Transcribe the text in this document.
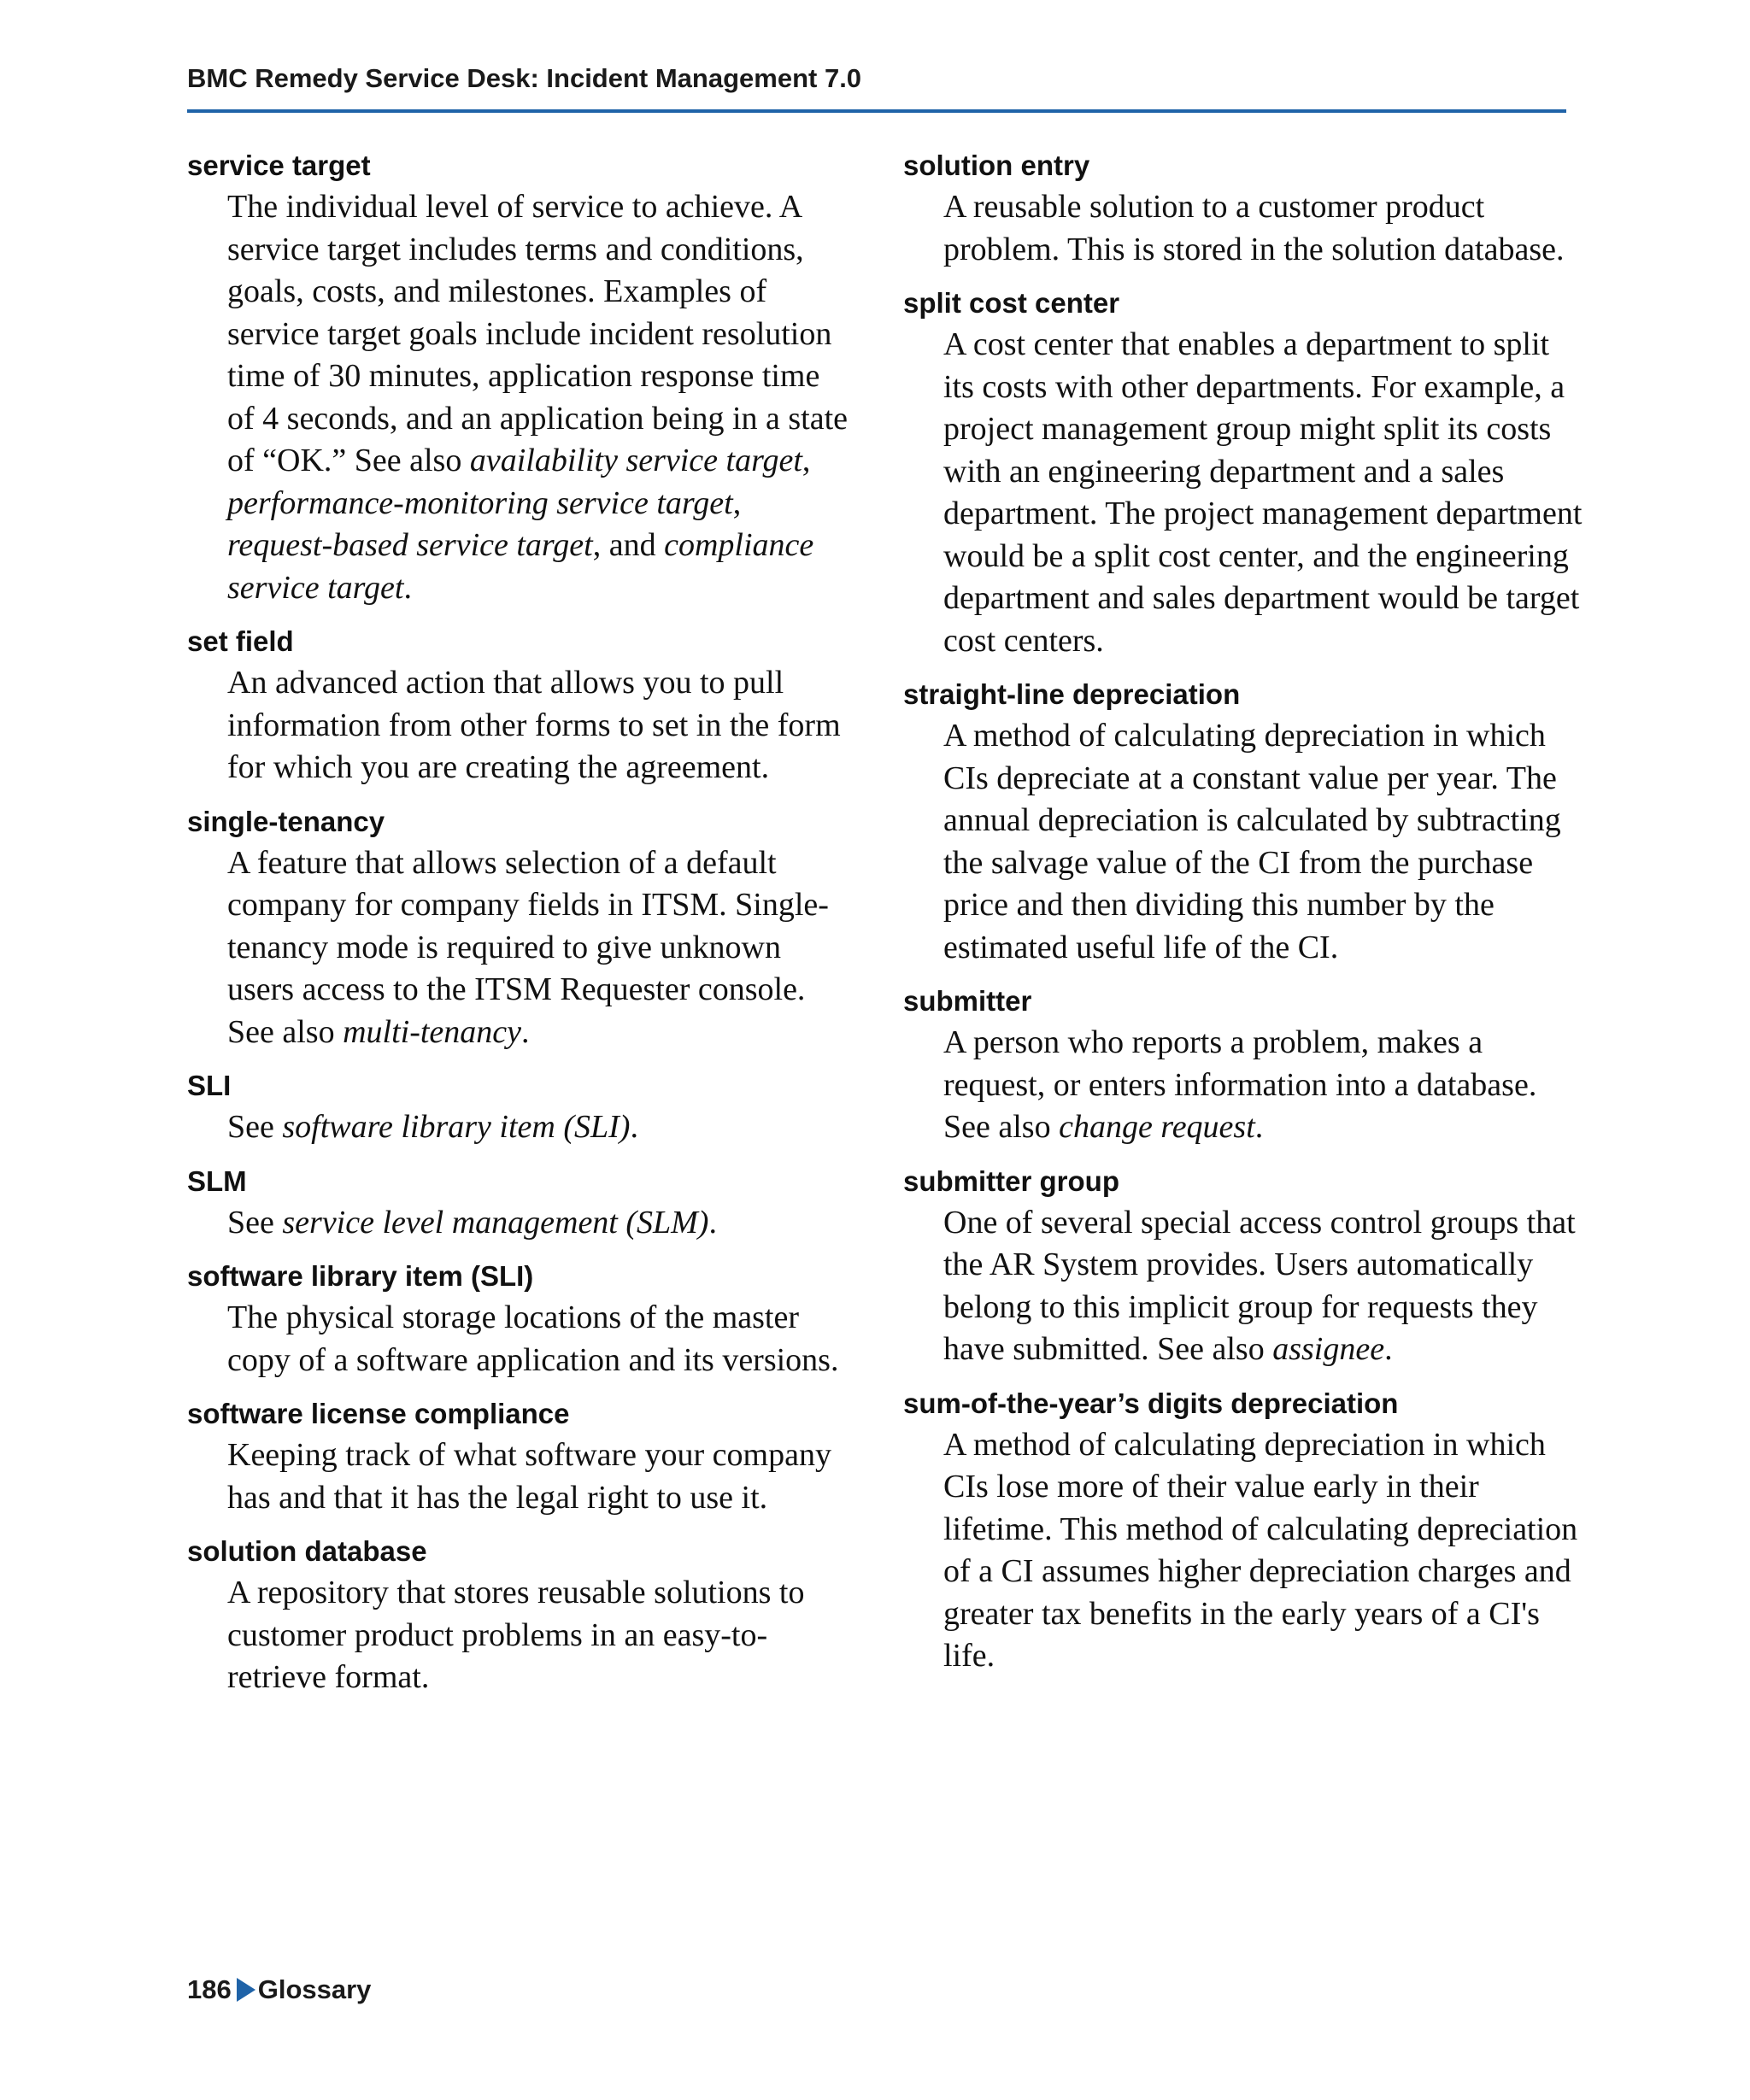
BMC Remedy Service Desk: Incident Management 7.0
service target
The individual level of service to achieve. A service target includes terms and conditions, goals, costs, and milestones. Examples of service target goals include incident resolution time of 30 minutes, application response time of 4 seconds, and an application being in a state of “OK.” See also availability service target, performance-monitoring service target, request-based service target, and compliance service target.
set field
An advanced action that allows you to pull information from other forms to set in the form for which you are creating the agreement.
single-tenancy
A feature that allows selection of a default company for company fields in ITSM. Single-tenancy mode is required to give unknown users access to the ITSM Requester console. See also multi-tenancy.
SLI
See software library item (SLI).
SLM
See service level management (SLM).
software library item (SLI)
The physical storage locations of the master copy of a software application and its versions.
software license compliance
Keeping track of what software your company has and that it has the legal right to use it.
solution database
A repository that stores reusable solutions to customer product problems in an easy-to-retrieve format.
solution entry
A reusable solution to a customer product problem. This is stored in the solution database.
split cost center
A cost center that enables a department to split its costs with other departments. For example, a project management group might split its costs with an engineering department and a sales department. The project management department would be a split cost center, and the engineering department and sales department would be target cost centers.
straight-line depreciation
A method of calculating depreciation in which CIs depreciate at a constant value per year. The annual depreciation is calculated by subtracting the salvage value of the CI from the purchase price and then dividing this number by the estimated useful life of the CI.
submitter
A person who reports a problem, makes a request, or enters information into a database. See also change request.
submitter group
One of several special access control groups that the AR System provides. Users automatically belong to this implicit group for requests they have submitted. See also assignee.
sum-of-the-year’s digits depreciation
A method of calculating depreciation in which CIs lose more of their value early in their lifetime. This method of calculating depreciation of a CI assumes higher depreciation charges and greater tax benefits in the early years of a CI's life.
186 Glossary
